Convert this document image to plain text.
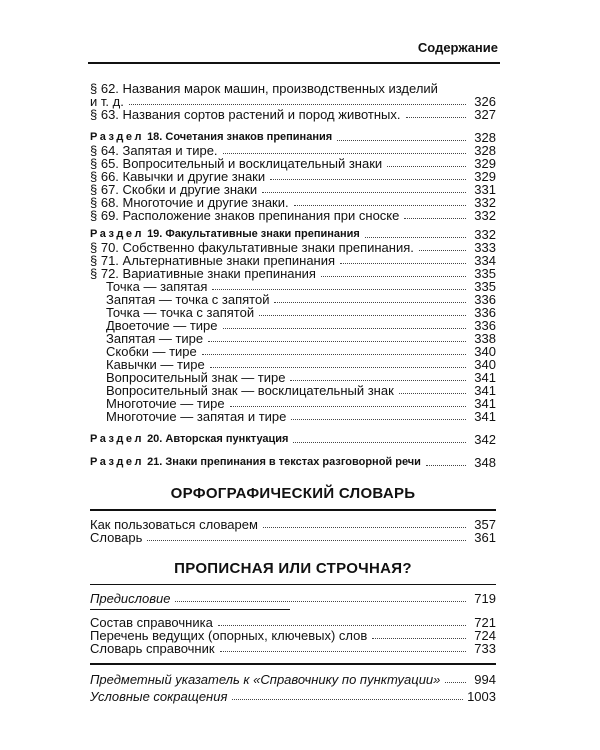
Содержание
§ 62. Названия марок машин, производственных изделий
и т. д.	326
§ 63. Названия сортов растений и пород животных.	327
Раздел 18. Сочетания знаков препинания	328
§ 64. Запятая и тире.	328
§ 65. Вопросительный и восклицательный знаки	329
§ 66. Кавычки и другие знаки	329
§ 67. Скобки и другие знаки	331
§ 68. Многоточие и другие знаки.	332
§ 69. Расположение знаков препинания при сноске	332
Раздел 19. Факультативные знаки препинания	332
§ 70. Собственно факультативные знаки препинания.	333
§ 71. Альтернативные знаки препинания	334
§ 72. Вариативные знаки препинания	335
Точка — запятая	335
Запятая — точка с запятой	336
Точка — точка с запятой	336
Двоеточие — тире	336
Запятая — тире	338
Скобки — тире	340
Кавычки — тире	340
Вопросительный знак — тире	341
Вопросительный знак — восклицательный знак	341
Многоточие — тире	341
Многоточие — запятая и тире	341
Раздел 20. Авторская пунктуация	342
Раздел 21. Знаки препинания в текстах разговорной речи	348
ОРФОГРАФИЧЕСКИЙ СЛОВАРЬ
Как пользоваться словарем	357
Словарь	361
ПРОПИСНАЯ ИЛИ СТРОЧНАЯ?
Предисловие	719
Состав справочника	721
Перечень ведущих (опорных, ключевых) слов	724
Словарь справочник	733
Предметный указатель к «Справочнику по пунктуации»	994
Условные сокращения	1003
